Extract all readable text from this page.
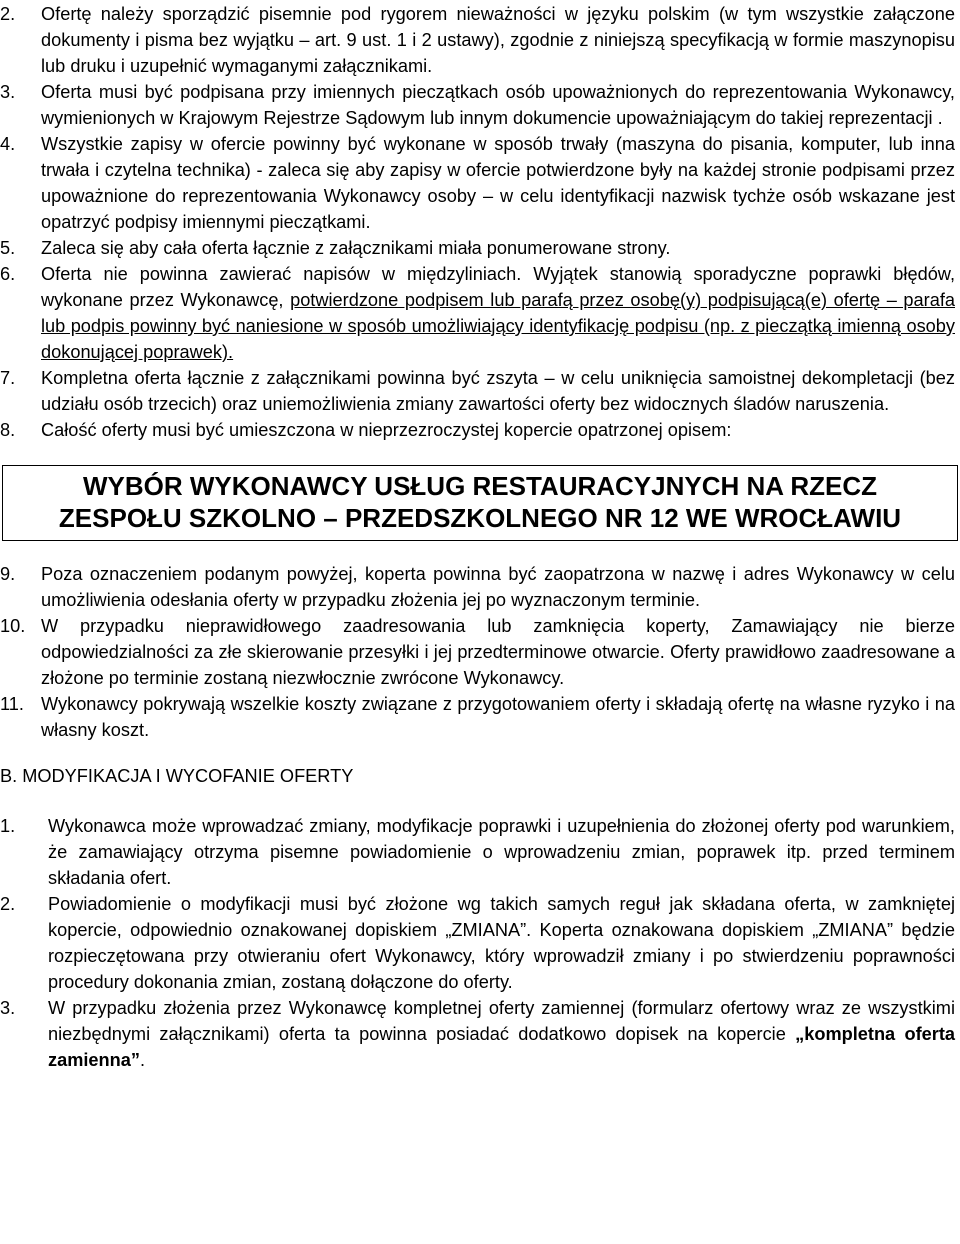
2. Ofertę należy sporządzić pisemnie pod rygorem nieważności w języku polskim (w tym wszystkie załączone dokumenty i pisma bez wyjątku – art. 9 ust. 1 i 2 ustawy), zgodnie z niniejszą specyfikacją w formie maszynopisu lub druku i uzupełnić wymaganymi załącznikami.

3. Oferta musi być podpisana przy imiennych pieczątkach osób upoważnionych do reprezentowania Wykonawcy, wymienionych w Krajowym Rejestrze Sądowym lub innym dokumencie upoważniającym do takiej reprezentacji .

4. Wszystkie zapisy w ofercie powinny być wykonane w sposób trwały (maszyna do pisania, komputer, lub inna trwała i czytelna technika) - zaleca się aby zapisy w ofercie potwierdzone były na każdej stronie podpisami przez upoważnione do reprezentowania Wykonawcy osoby – w celu identyfikacji nazwisk tychże osób wskazane jest opatrzyć podpisy imiennymi pieczątkami.

5. Zaleca się aby cała oferta łącznie z załącznikami miała ponumerowane strony.

6. Oferta nie powinna zawierać napisów w międzyliniach. Wyjątek stanowią sporadyczne poprawki błędów, wykonane przez Wykonawcę, potwierdzone podpisem lub parafą przez osobę(y) podpisującą(e) ofertę – parafa lub podpis powinny być naniesione w sposób umożliwiający identyfikację podpisu (np. z pieczątką imienną osoby dokonującej poprawek).

7. Kompletna oferta łącznie z załącznikami powinna być zszyta – w celu uniknięcia samoistnej dekompletacji (bez udziału osób trzecich) oraz uniemożliwienia zmiany zawartości oferty bez widocznych śladów naruszenia.

8. Całość oferty musi być umieszczona w nieprzezroczystej kopercie opatrzonej opisem:

WYBÓR WYKONAWCY USŁUG RESTAURACYJNYCH NA RZECZ
ZESPOŁU SZKOLNO – PRZEDSZKOLNEGO NR 12 WE WROCŁAWIU

9. Poza oznaczeniem podanym powyżej, koperta powinna być zaopatrzona w nazwę i adres Wykonawcy w celu umożliwienia odesłania oferty w przypadku złożenia jej po wyznaczonym terminie.

10. W przypadku nieprawidłowego zaadresowania lub zamknięcia koperty, Zamawiający nie bierze odpowiedzialności za złe skierowanie przesyłki i jej przedterminowe otwarcie. Oferty prawidłowo zaadresowane a złożone po terminie zostaną niezwłocznie zwrócone Wykonawcy.

11. Wykonawcy pokrywają wszelkie koszty związane z przygotowaniem oferty i składają ofertę na własne ryzyko i na własny koszt.

B. MODYFIKACJA I WYCOFANIE OFERTY

1. Wykonawca może wprowadzać zmiany, modyfikacje poprawki i uzupełnienia do złożonej oferty pod warunkiem, że zamawiający otrzyma pisemne powiadomienie o wprowadzeniu zmian, poprawek itp. przed terminem składania ofert.

2. Powiadomienie o modyfikacji musi być złożone wg takich samych reguł jak składana oferta, w zamkniętej kopercie, odpowiednio oznakowanej dopiskiem „ZMIANA”. Koperta oznakowana dopiskiem „ZMIANA” będzie rozpieczętowana przy otwieraniu ofert Wykonawcy, który wprowadził zmiany i po stwierdzeniu poprawności procedury dokonania zmian, zostaną dołączone do oferty.

3. W przypadku złożenia przez Wykonawcę kompletnej oferty zamiennej (formularz ofertowy wraz ze wszystkimi niezbędnymi załącznikami) oferta ta powinna posiadać dodatkowo dopisek na kopercie „kompletna oferta zamienna”.
